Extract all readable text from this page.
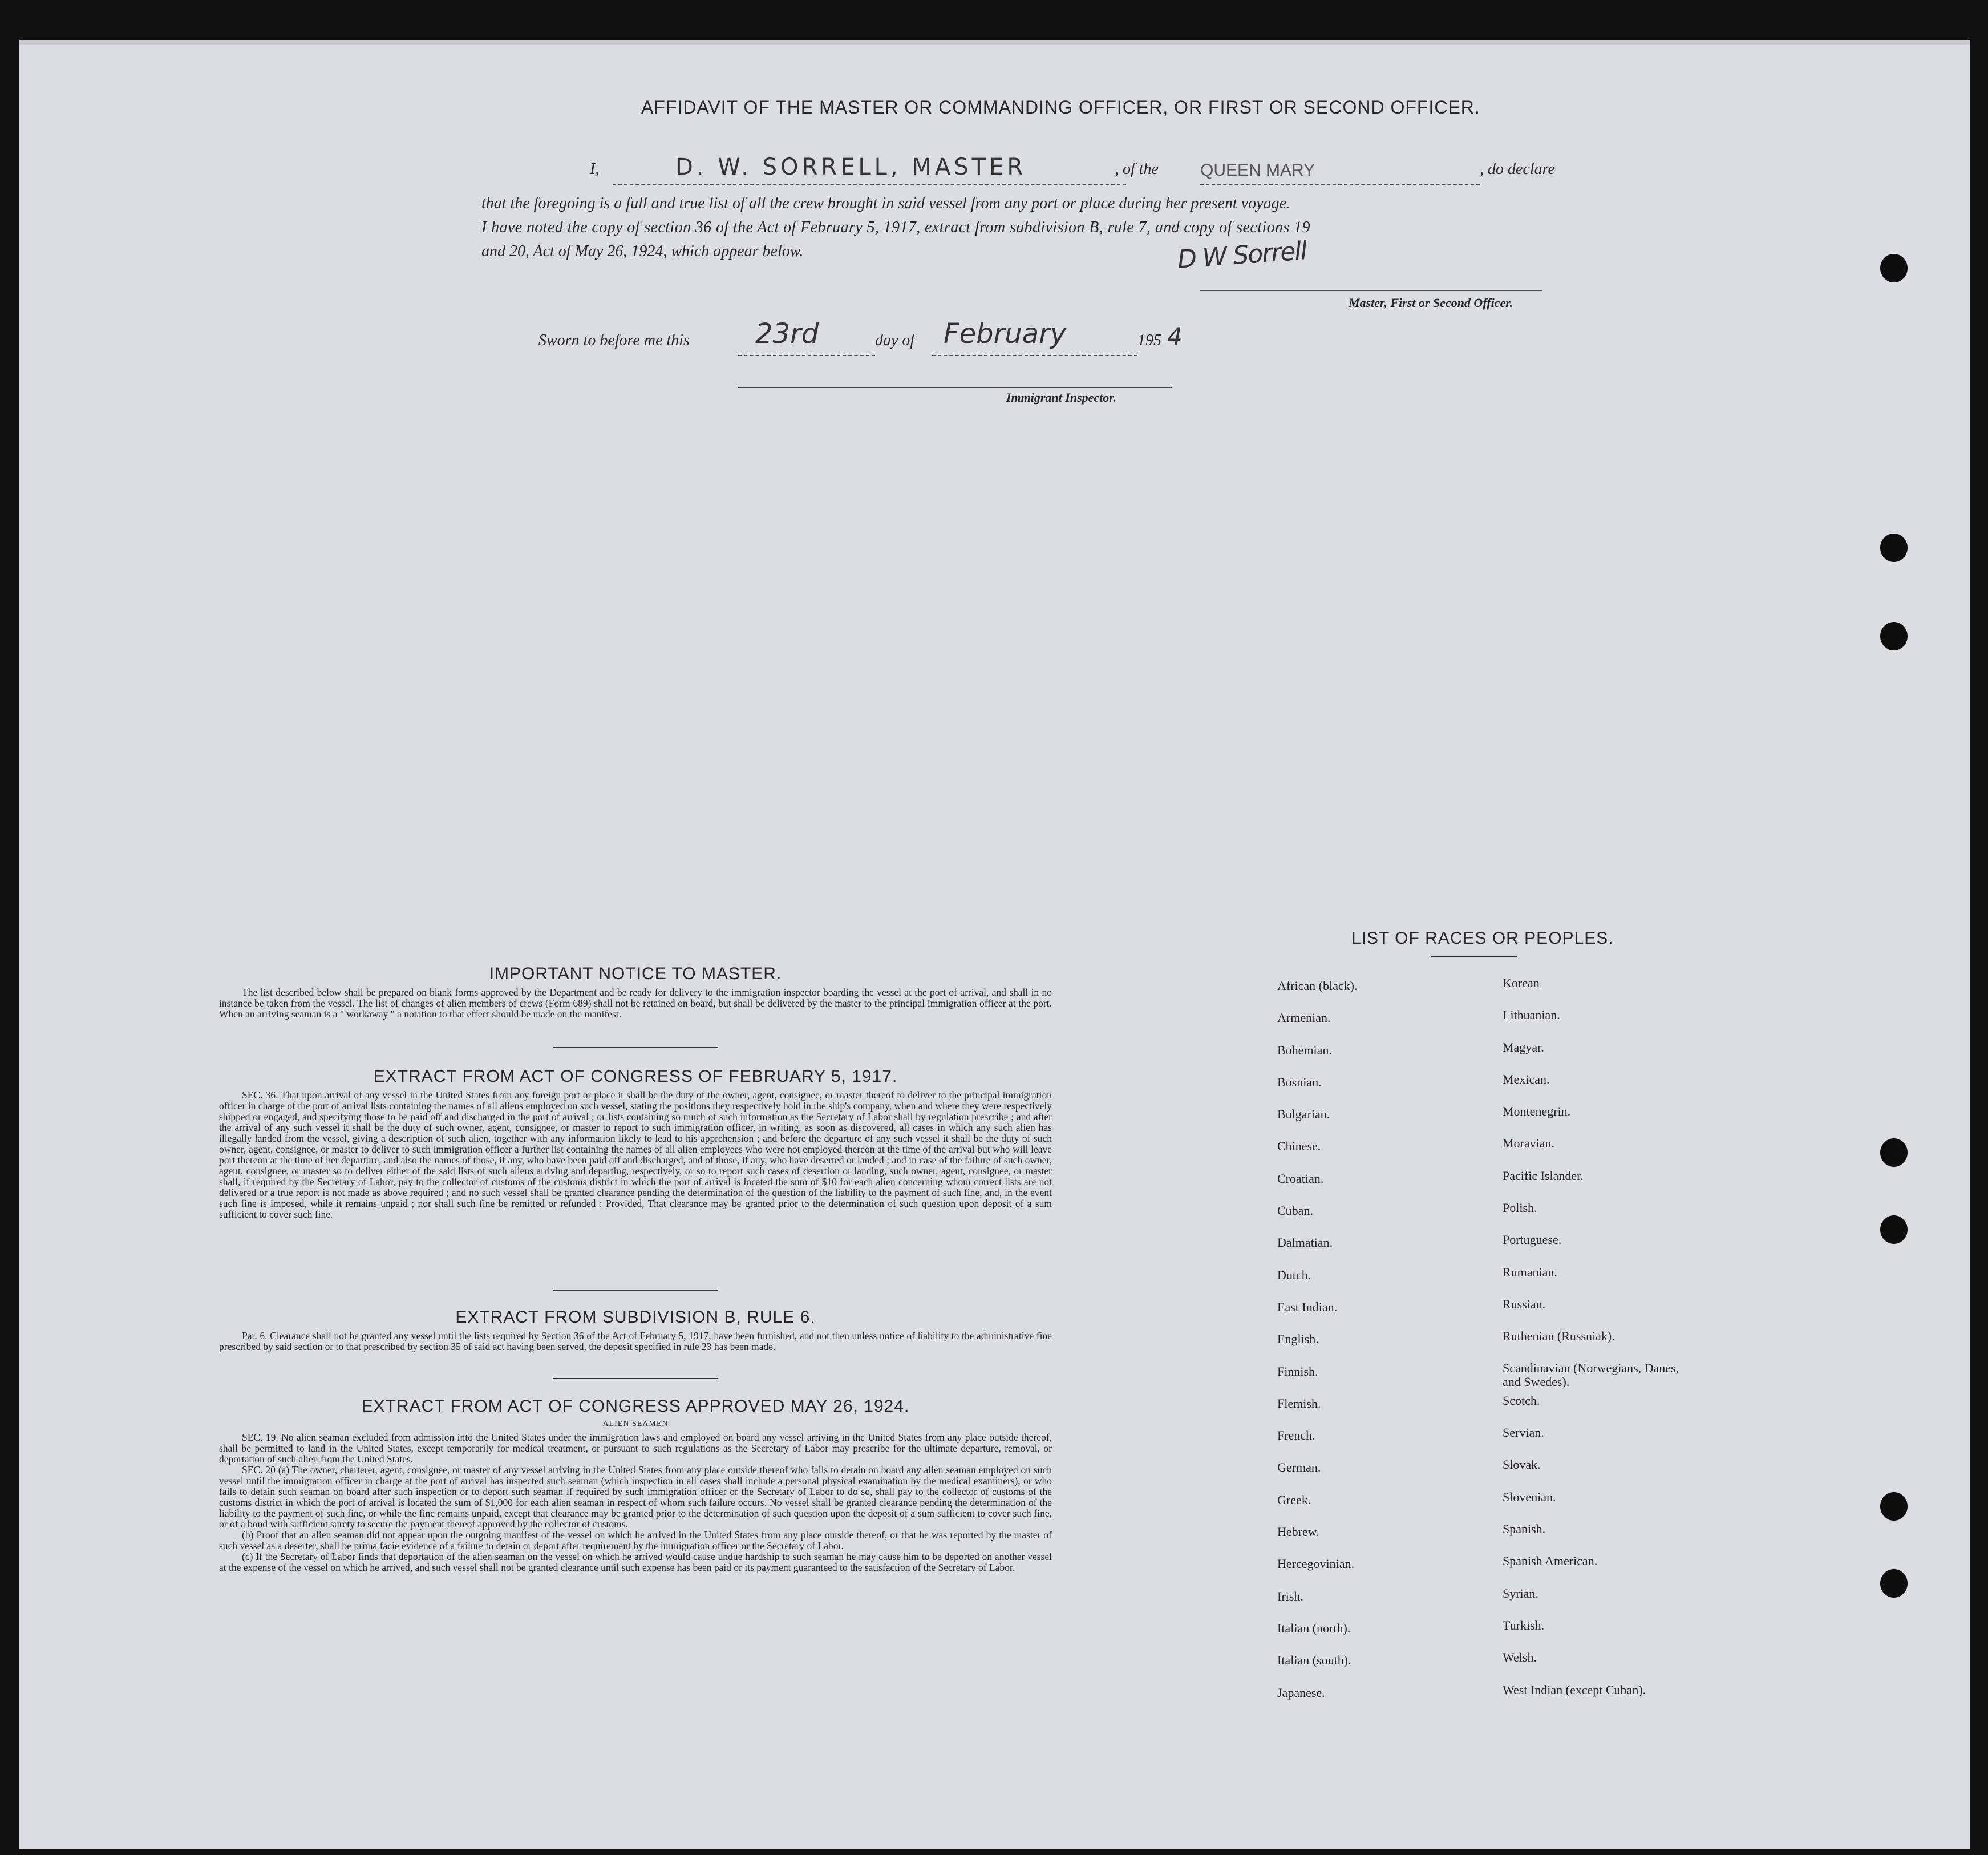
AFFIDAVIT OF THE MASTER OR COMMANDING OFFICER, OR FIRST OR SECOND OFFICER.
I,	D. W. SORRELL, MASTER	, of the QUEEN MARY	, do declare
that the foregoing is a full and true list of all the crew brought in said vessel from any port or place during her present voyage.
I have noted the copy of section 36 of the Act of February 5, 1917, extract from subdivision B, rule 7, and copy of sections 19
and 20, Act of May 26, 1924, which appear below.	D W Sorrell
Master, First or Second Officer.
Sworn to before me this 23rd	day of February	195 4
Immigrant Inspector.
IMPORTANT NOTICE TO MASTER.

The list described below shall be prepared on blank forms approved by the Department and be ready for delivery to the immigration inspector boarding the vessel at the port of arrival, and shall in no instance be taken from the vessel. The list of changes of alien members of crews (Form 689) shall not be retained on board, but shall be delivered by the master to the principal immigration officer at the port. When an arriving seaman is a " workaway " a notation to that effect should be made on the manifest.

EXTRACT FROM ACT OF CONGRESS OF FEBRUARY 5, 1917.

SEC. 36. That upon arrival of any vessel in the United States from any foreign port or place it shall be the duty of the owner, agent, consignee, or master thereof to deliver to the principal immigration officer in charge of the port of arrival lists containing the names of all aliens employed on such vessel, stating the positions they respectively hold in the ship's company, when and where they were respectively shipped or engaged, and specifying those to be paid off and discharged in the port of arrival ; or lists containing so much of such information as the Secretary of Labor shall by regulation prescribe ; and after the arrival of any such vessel it shall be the duty of such owner, agent, consignee, or master to report to such immigration officer, in writing, as soon as discovered, all cases in which any such alien has illegally landed from the vessel, giving a description of such alien, together with any information likely to lead to his apprehension ; and before the departure of any such vessel it shall be the duty of such owner, agent, consignee, or master to deliver to such immigration officer a further list containing the names of all alien employees who were not employed thereon at the time of the arrival but who will leave port thereon at the time of her departure, and also the names of those, if any, who have been paid off and discharged, and of those, if any, who have deserted or landed ; and in case of the failure of such owner, agent, consignee, or master so to deliver either of the said lists of such aliens arriving and departing, respectively, or so to report such cases of desertion or landing, such owner, agent, consignee, or master shall, if required by the Secretary of Labor, pay to the collector of customs of the customs district in which the port of arrival is located the sum of $10 for each alien concerning whom correct lists are not delivered or a true report is not made as above required ; and no such vessel shall be granted clearance pending the determination of the question of the liability to the payment of such fine, and, in the event such fine is imposed, while it remains unpaid ; nor shall such fine be remitted or refunded : Provided, That clearance may be granted prior to the determination of such question upon deposit of a sum sufficient to cover such fine.

EXTRACT FROM SUBDIVISION B, RULE 6.

Par. 6. Clearance shall not be granted any vessel until the lists required by Section 36 of the Act of February 5, 1917, have been furnished, and not then unless notice of liability to the administrative fine prescribed by said section or to that prescribed by section 35 of said act having been served, the deposit specified in rule 23 has been made.

EXTRACT FROM ACT OF CONGRESS APPROVED MAY 26, 1924.
ALIEN SEAMEN

SEC. 19. No alien seaman excluded from admission into the United States under the immigration laws and employed on board any vessel arriving in the United States from any place outside thereof, shall be permitted to land in the United States, except temporarily for medical treatment, or pursuant to such regulations as the Secretary of Labor may prescribe for the ultimate departure, removal, or deportation of such alien from the United States.

SEC. 20 (a) The owner, charterer, agent, consignee, or master of any vessel arriving in the United States from any place outside thereof who fails to detain on board any alien seaman employed on such vessel until the immigration officer in charge at the port of arrival has inspected such seaman (which inspection in all cases shall include a personal physical examination by the medical examiners), or who fails to detain such seaman on board after such inspection or to deport such seaman if required by such immigration officer or the Secretary of Labor to do so, shall pay to the collector of customs of the customs district in which the port of arrival is located the sum of $1,000 for each alien seaman in respect of whom such failure occurs. No vessel shall be granted clearance pending the determination of the liability to the payment of such fine, or while the fine remains unpaid, except that clearance may be granted prior to the determination of such question upon the deposit of a sum sufficient to cover such fine, or of a bond with sufficient surety to secure the payment thereof approved by the collector of customs.

(b) Proof that an alien seaman did not appear upon the outgoing manifest of the vessel on which he arrived in the United States from any place outside thereof, or that he was reported by the master of such vessel as a deserter, shall be prima facie evidence of a failure to detain or deport after requirement by the immigration officer or the Secretary of Labor.

(c) If the Secretary of Labor finds that deportation of the alien seaman on the vessel on which he arrived would cause undue hardship to such seaman he may cause him to be deported on another vessel at the expense of the vessel on which he arrived, and such vessel shall not be granted clearance until such expense has been paid or its payment guaranteed to the satisfaction of the Secretary of Labor.

LIST OF RACES OR PEOPLES.
African (black).
Armenian.
Bohemian.
Bosnian.
Bulgarian.
Chinese.
Croatian.
Cuban.
Dalmatian.
Dutch.
East Indian.
English.
Finnish.
Flemish.
French.
German.
Greek.
Hebrew.
Hercegovinian.
Irish.
Italian (north).
Italian (south).
Japanese.
Korean
Lithuanian.
Magyar.
Mexican.
Montenegrin.
Moravian.
Pacific Islander.
Polish.
Portuguese.
Rumanian.
Russian.
Ruthenian (Russniak).
Scandinavian (Norwegians, Danes, and Swedes).
Scotch.
Servian.
Slovak.
Slovenian.
Spanish.
Spanish American.
Syrian.
Turkish.
Welsh.
West Indian (except Cuban).
